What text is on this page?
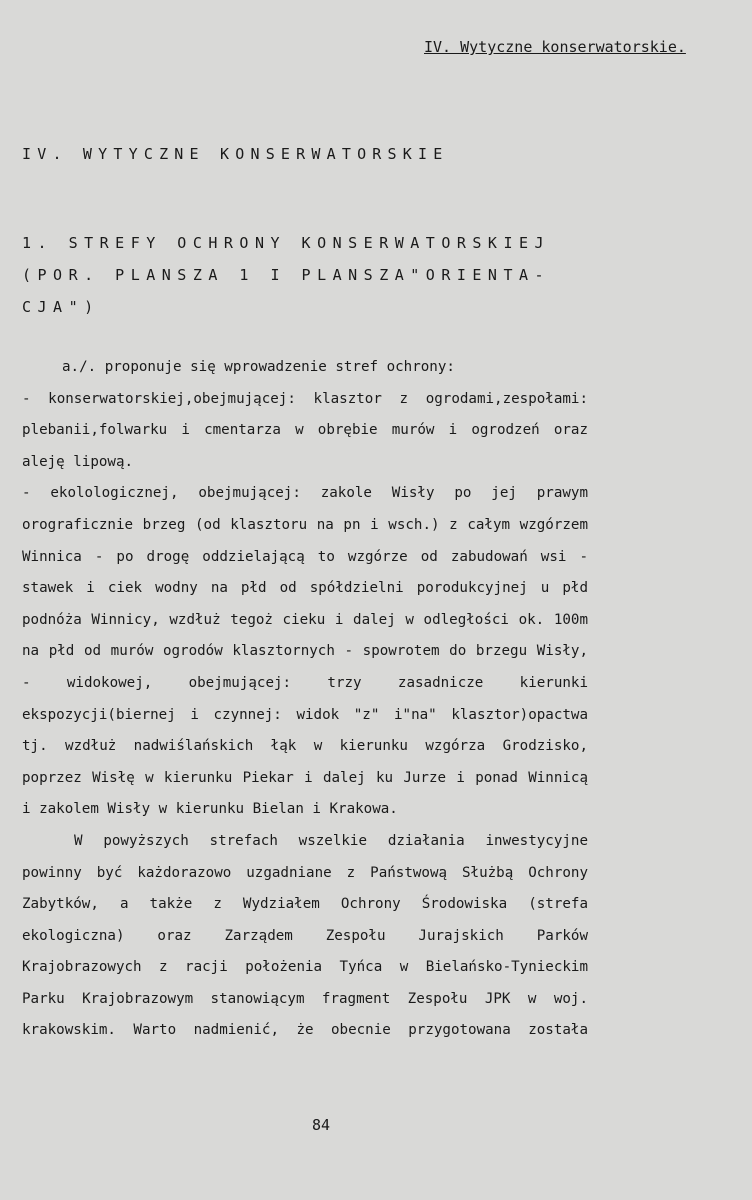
IV. Wytyczne konserwatorskie.
IV. WYTYCZNE KONSERWATORSKIE
1. STREFY OCHRONY KONSERWATORSKIEJ
(POR. PLANSZA 1 I PLANSZA"ORIENTA-
CJA")
a./. proponuje się wprowadzenie stref ochrony:
- konserwatorskiej,obejmującej: klasztor z ogrodami,zespołami:
plebanii,folwarku i cmentarza w obrębie murów i ogrodzeń oraz
aleję lipową.
- ekolologicznej, obejmującej: zakole Wisły po jej prawym
orograficznie brzeg (od klasztoru na pn i wsch.) z całym wzgórzem
Winnica - po drogę oddzielającą to wzgórze od zabudowań wsi -
stawek i ciek wodny na płd od spółdzielni porodukcyjnej u płd
podnóża Winnicy, wzdłuż tegoż cieku i dalej w odległości ok. 100m
na płd od murów ogrodów klasztornych - spowrotem do brzegu Wisły,
- widokowej, obejmującej: trzy zasadnicze kierunki
ekspozycji(biernej i czynnej: widok "z" i"na" klasztor)opactwa
tj. wzdłuż nadwiślańskich łąk w kierunku wzgórza Grodzisko,
poprzez Wisłę w kierunku Piekar i dalej ku Jurze i ponad Winnicą
i zakolem Wisły w kierunku Bielan i Krakowa.
W powyższych strefach wszelkie działania inwestycyjne
powinny być każdorazowo uzgadniane z Państwową Służbą Ochrony
Zabytków, a także z Wydziałem Ochrony Środowiska (strefa
ekologiczna) oraz Zarządem Zespołu Jurajskich Parków
Krajobrazowych z racji położenia Tyńca w Bielańsko-Tynieckim
Parku Krajobrazowym stanowiącym fragment Zespołu JPK w woj.
krakowskim. Warto nadmienić, że obecnie przygotowana została
84
